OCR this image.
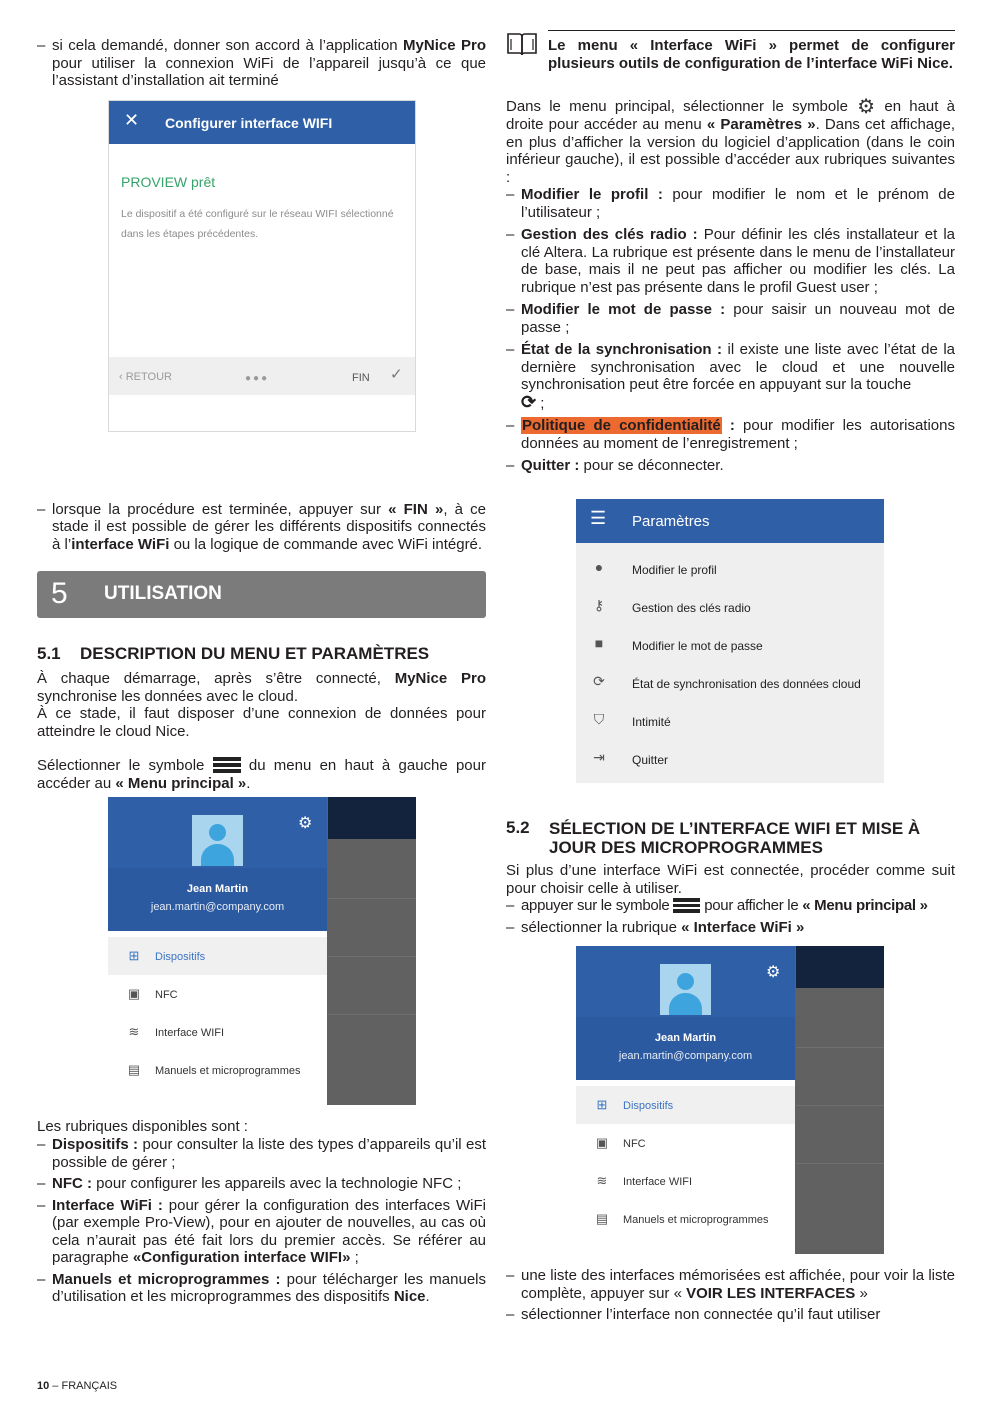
– si cela demandé, donner son accord à l’application MyNice Pro pour utiliser la connexion WiFi de l’appareil jusqu’à ce que l’assistant d’installation ait terminé
✕ Configurer interface WIFI
PROVIEW prêt
Le dispositif a été configuré sur le réseau WIFI sélectionné dans les étapes précédentes.
‹ RETOUR	●●●	FIN ✓
– lorsque la procédure est terminée, appuyer sur « FIN », à ce stade il est possible de gérer les différents dispositifs connectés à l’interface WiFi ou la logique de commande avec WiFi intégré.
5 UTILISATION
5.1 DESCRIPTION DU MENU ET PARAMÈTRES
À chaque démarrage, après s’être connecté, MyNice Pro synchronise les données avec le cloud.
À ce stade, il faut disposer d’une connexion de données pour atteindre le cloud Nice.
Sélectionner le symbole  du menu en haut à gauche pour accéder au « Menu principal ».
⚙
Jean Martin
jean.martin@company.com
⊞	Dispositifs
▣ NFC
≋	Interface WIFI
▤ Manuels et microprogrammes
Les rubriques disponibles sont :
– Dispositifs : pour consulter la liste des types d’appareils qu’il est possible de gérer ;
– NFC : pour configurer les appareils avec la technologie NFC ;
– Interface WiFi : pour gérer la configuration des interfaces WiFi (par exemple Pro-View), pour en ajouter de nouvelles, au cas où cela n’aurait pas été fait lors du premier accès. Se référer au paragraphe «Configuration interface WIFI» ;
– Manuels et microprogrammes : pour télécharger les manuels d’utilisation et les microprogrammes des dispositifs Nice.
Le menu « Interface WiFi » permet de configurer plusieurs outils de configuration de l’interface WiFi Nice.
Dans le menu principal, sélectionner le symbole ⚙ en haut à droite pour accéder au menu « Paramètres ». Dans cet affichage, en plus d’afficher la version du logiciel d’application (dans le coin inférieur gauche), il est possible d’accéder aux rubriques suivantes :
– Modifier le profil : pour modifier le nom et le prénom de l’utilisateur ;
– Gestion des clés radio : Pour définir les clés installateur et la clé Altera. La rubrique est présente dans le menu de l’installateur de base, mais il ne peut pas afficher ou modifier les clés. La rubrique n’est pas présente dans le profil Guest user ;
– Modifier le mot de passe : pour saisir un nouveau mot de passe ;
– État de la synchronisation : il existe une liste avec l’état de la dernière synchronisation avec le cloud et une nouvelle synchronisation peut être forcée en appuyant sur la touche
⟳ ;
– Politique de confidentialité : pour modifier les autorisations données au moment de l’enregistrement ;
– Quitter : pour se déconnecter.
☰ Paramètres
●	Modifier le profil
⚷	Gestion des clés radio
■	Modifier le mot de passe
⟳	État de synchronisation des données cloud
⛉	Intimité
⇥	Quitter
5.2 SÉLECTION DE L’INTERFACE WIFI ET MISE À JOUR DES MICROPROGRAMMES
Si plus d’une interface WiFi est connectée, procéder comme suit pour choisir celle à utiliser.
– appuyer sur le symbole  pour afficher le « Menu principal »
– sélectionner la rubrique « Interface WiFi »
⚙
Jean Martin
jean.martin@company.com
⊞	Dispositifs
▣ NFC
≋	Interface WIFI
▤ Manuels et microprogrammes
– une liste des interfaces mémorisées est affichée, pour voir la liste complète, appuyer sur « VOIR LES INTERFACES »
– sélectionner l’interface non connectée qu’il faut utiliser
10 – FRANÇAIS
